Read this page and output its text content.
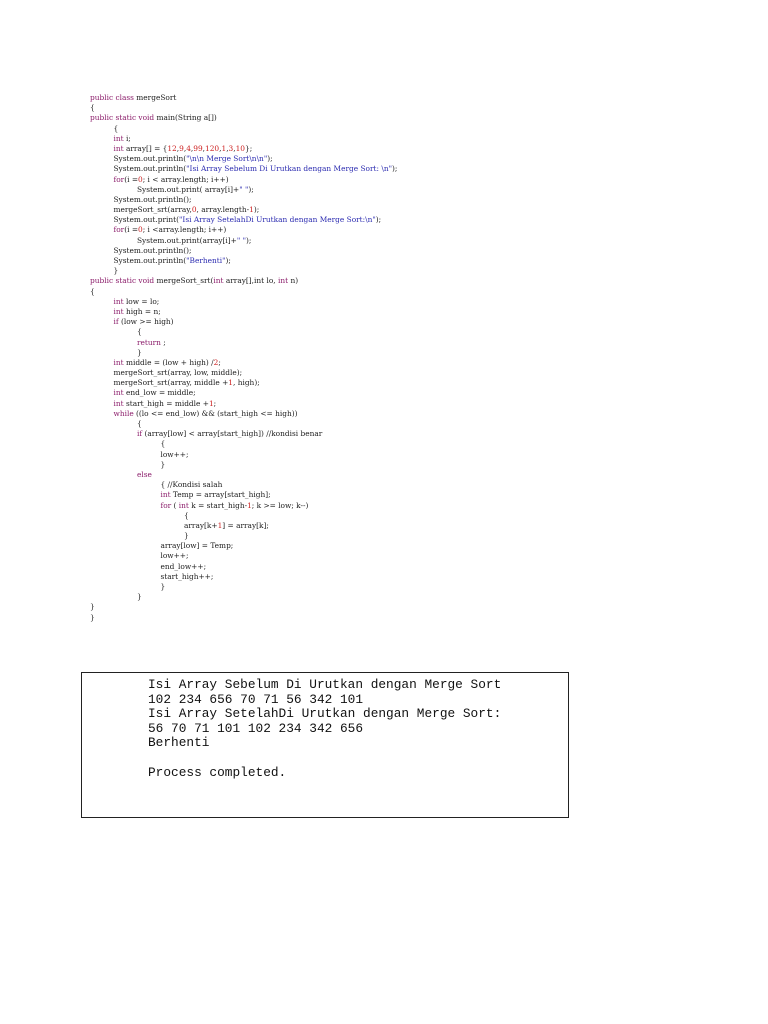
public class mergeSort
{
public static void main(String a[])
{
int i;
int array[] = {12,9,4,99,120,1,3,10};
System.out.println("\n\n Merge Sort\n\n");
System.out.println("Isi Array Sebelum Di Urutkan dengan Merge Sort: \n");
for(i =0; i < array.length; i++)
System.out.print( array[i]+" ");
System.out.println();
mergeSort_srt(array,0, array.length-1);
System.out.print("Isi Array SetelahDi Urutkan dengan Merge Sort:\n");
for(i =0; i <array.length; i++)
System.out.print(array[i]+" ");
System.out.println();
System.out.println("Berhenti");
}
public static void mergeSort_srt(int array[],int lo, int n)
{
int low = lo;
int high = n;
if (low >= high)
{
return ;
}
int middle = (low + high) /2;
mergeSort_srt(array, low, middle);
mergeSort_srt(array, middle +1, high);
int end_low = middle;
int start_high = middle +1;
while ((lo <= end_low) && (start_high <= high))
{
if (array[low] < array[start_high]) //kondisi benar
{
low++;
}
else
{ //Kondisi salah
int Temp = array[start_high];
for ( int k = start_high-1; k >= low; k--)
{
array[k+1] = array[k];
}
array[low] = Temp;
low++;
end_low++;
start_high++;
}
}
}
}
Isi Array Sebelum Di Urutkan dengan Merge Sort
102 234 656 70 71 56 342 101
Isi Array SetelahDi Urutkan dengan Merge Sort:
56 70 71 101 102 234 342 656
Berhenti
Process completed.
